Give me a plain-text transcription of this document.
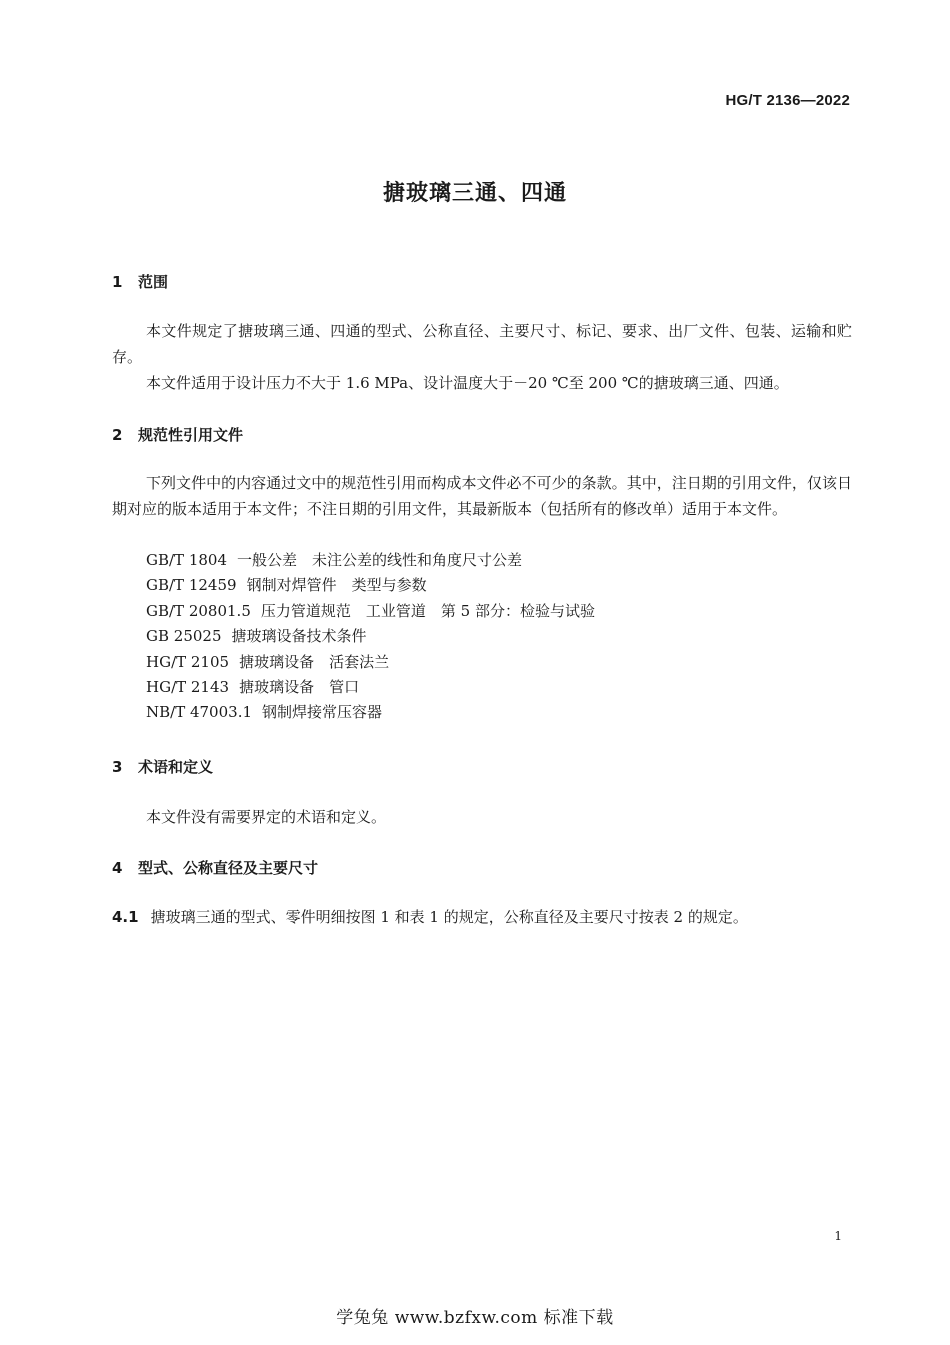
HG/T 2136—2022
搪玻璃三通、四通
1 范围

本文件规定了搪玻璃三通、四通的型式、公称直径、主要尺寸、标记、要求、出厂文件、包装、运输和贮存。

本文件适用于设计压力不大于 1.6 MPa、设计温度大于－20 ℃至 200 ℃的搪玻璃三通、四通。
2 规范性引用文件

下列文件中的内容通过文中的规范性引用而构成本文件必不可少的条款。其中，注日期的引用文件，仅该日期对应的版本适用于本文件；不注日期的引用文件，其最新版本（包括所有的修改单）适用于本文件。

GB/T 1804 一般公差　未注公差的线性和角度尺寸公差
GB/T 12459 钢制对焊管件　类型与参数
GB/T 20801.5 压力管道规范　工业管道　第 5 部分：检验与试验
GB 25025 搪玻璃设备技术条件
HG/T 2105 搪玻璃设备　活套法兰
HG/T 2143 搪玻璃设备　管口
NB/T 47003.1 钢制焊接常压容器
3 术语和定义
本文件没有需要界定的术语和定义。
4 型式、公称直径及主要尺寸
4.1 搪玻璃三通的型式、零件明细按图 1 和表 1 的规定，公称直径及主要尺寸按表 2 的规定。
1
学兔兔 www.bzfxw.com 标准下载
